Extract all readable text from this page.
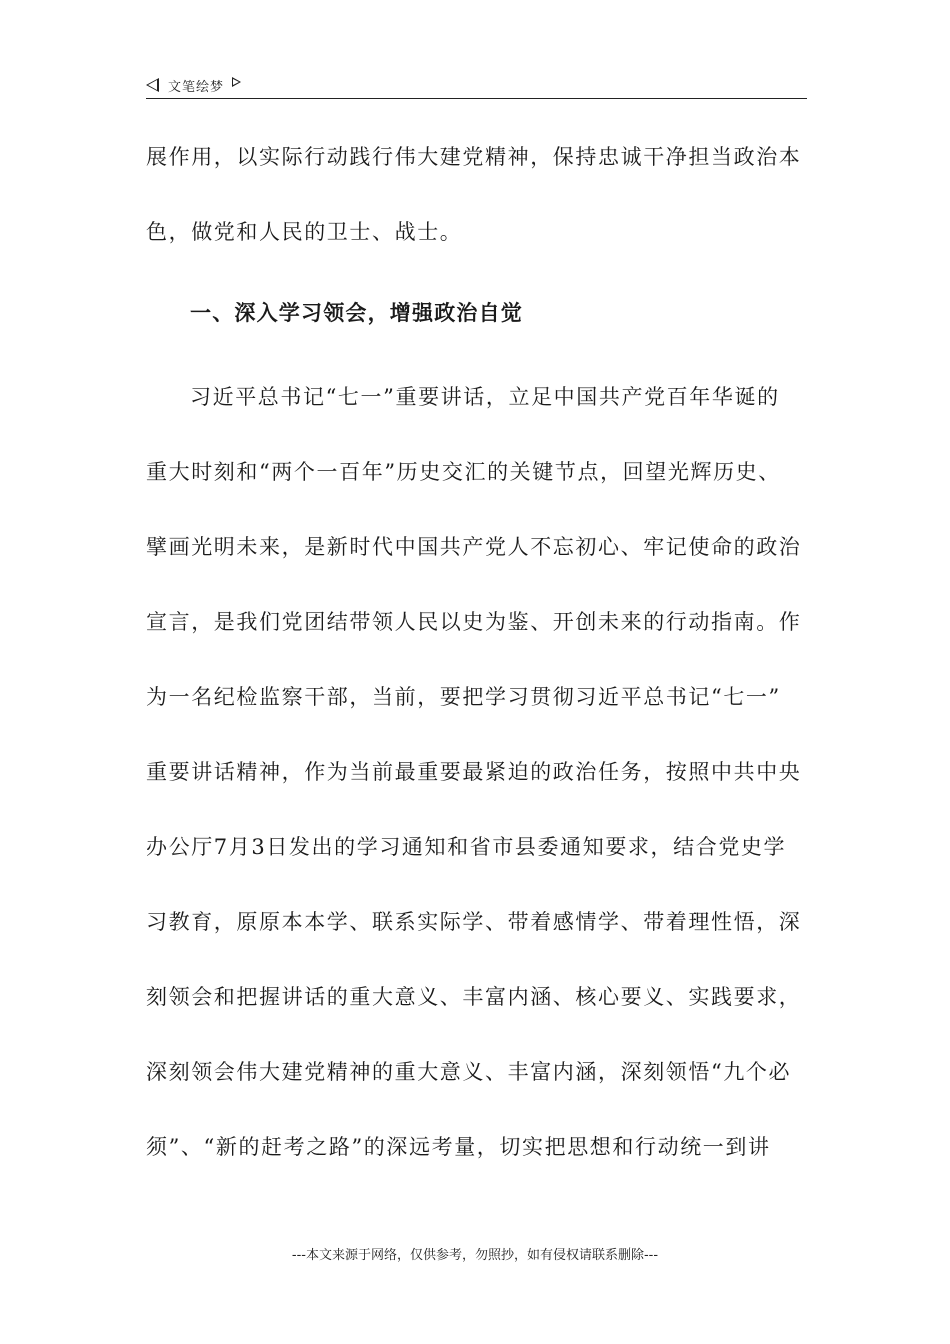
文笔绘梦
展作用，以实际行动践行伟大建党精神，保持忠诚干净担当政治本
色，做党和人民的卫士、战士。
一、深入学习领会，增强政治自觉
习近平总书记“七一”重要讲话，立足中国共产党百年华诞的
重大时刻和“两个一百年”历史交汇的关键节点，回望光辉历史、
擘画光明未来，是新时代中国共产党人不忘初心、牢记使命的政治
宣言，是我们党团结带领人民以史为鉴、开创未来的行动指南。作
为一名纪检监察干部，当前，要把学习贯彻习近平总书记“七一”
重要讲话精神，作为当前最重要最紧迫的政治任务，按照中共中央
办公厅7月3日发出的学习通知和省市县委通知要求，结合党史学
习教育，原原本本学、联系实际学、带着感情学、带着理性悟，深
刻领会和把握讲话的重大意义、丰富内涵、核心要义、实践要求，
深刻领会伟大建党精神的重大意义、丰富内涵，深刻领悟“九个必
须”、“新的赶考之路”的深远考量，切实把思想和行动统一到讲
---本文来源于网络，仅供参考，勿照抄，如有侵权请联系删除---
